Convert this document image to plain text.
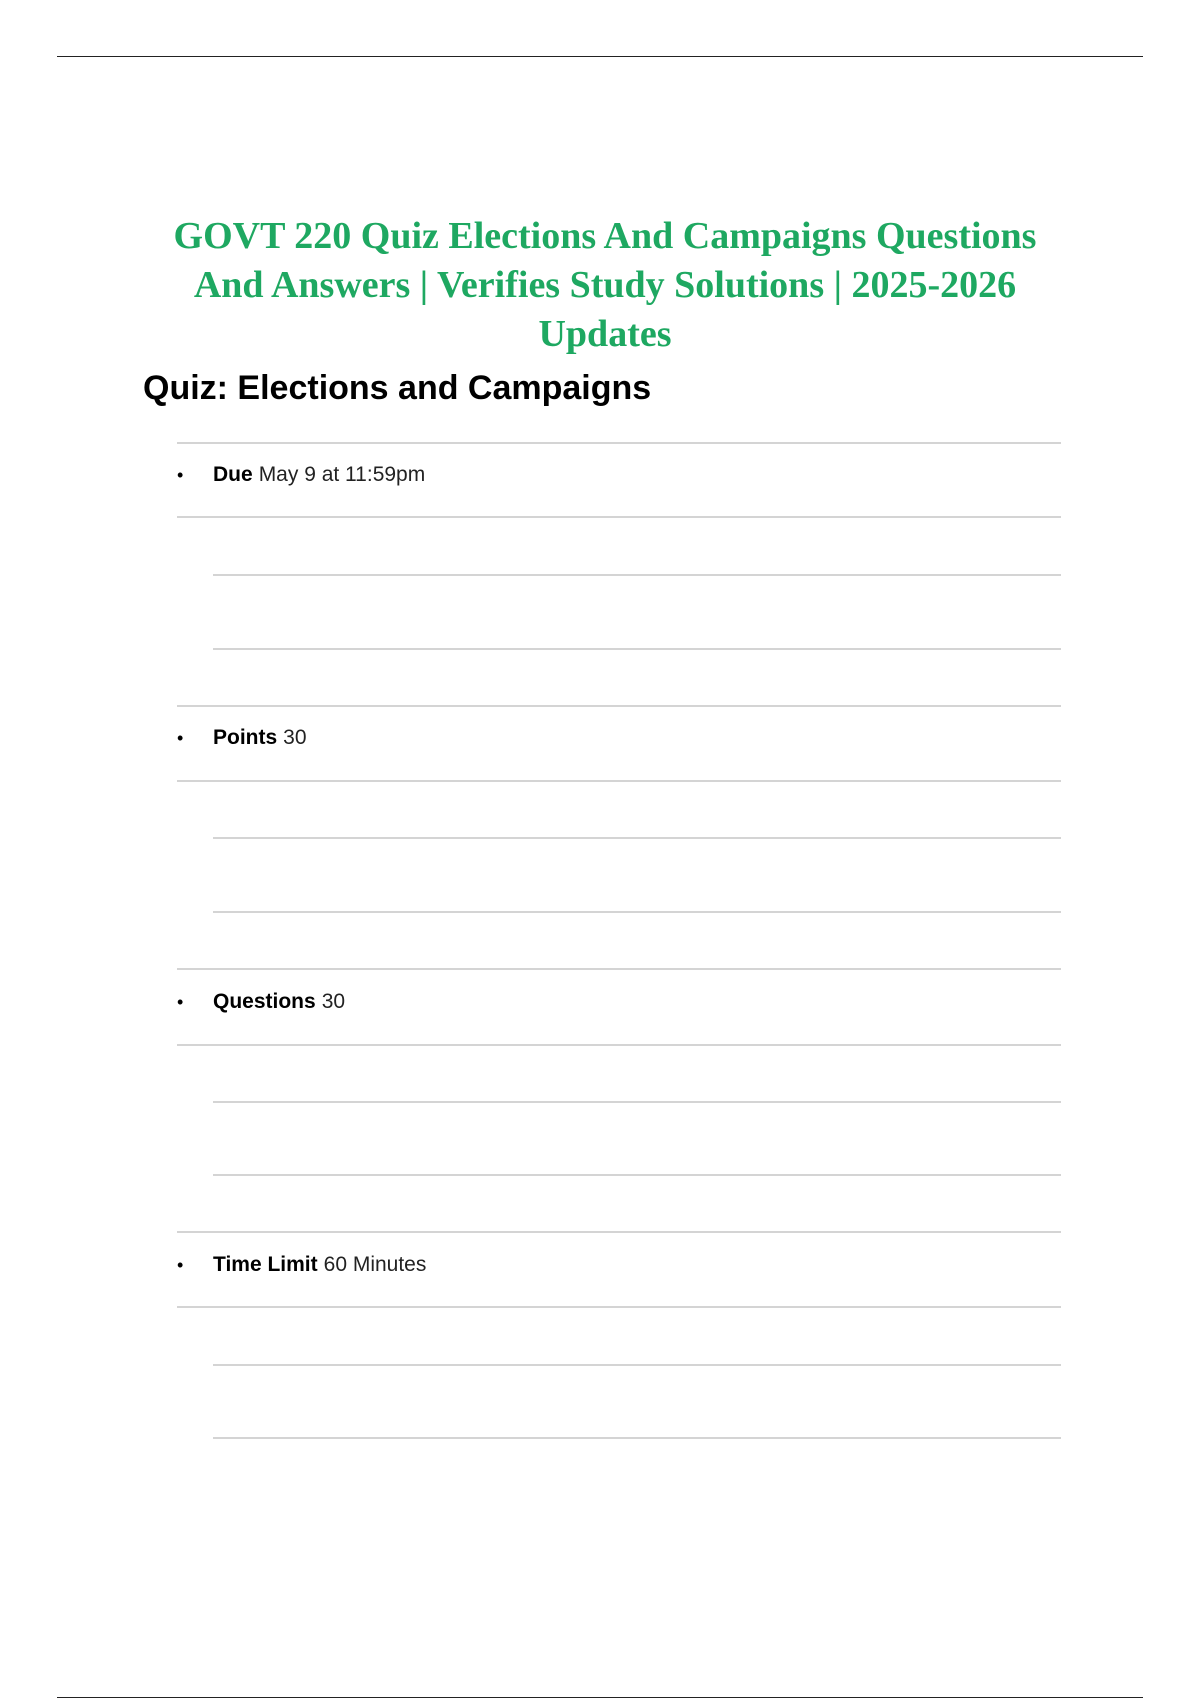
GOVT 220 Quiz Elections And Campaigns Questions And Answers | Verifies Study Solutions | 2025-2026 Updates
Quiz: Elections and Campaigns
•	Due May 9 at 11:59pm
•	Points 30
•	Questions 30
•	Time Limit 60 Minutes
